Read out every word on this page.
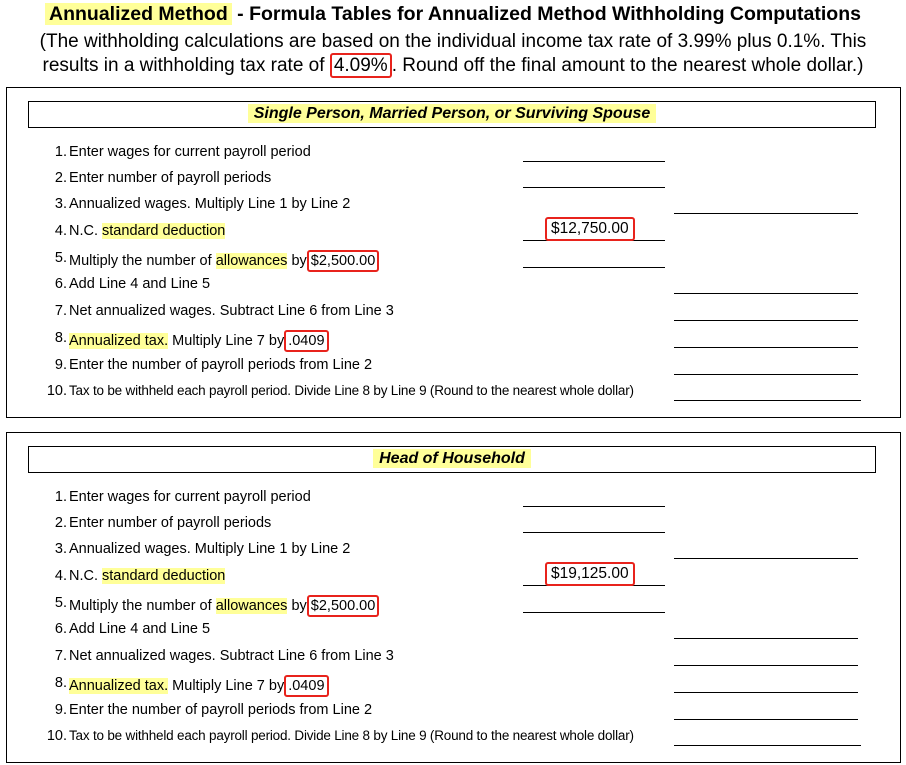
Annualized Method - Formula Tables for Annualized Method Withholding Computations
(The withholding calculations are based on the individual income tax rate of 3.99% plus 0.1%. This
results in a withholding tax rate of 4.09% . Round off the final amount to the nearest whole dollar.)
Single Person, Married Person, or Surviving Spouse
1. Enter wages for current payroll period
2. Enter number of payroll periods
3. Annualized wages. Multiply Line 1 by Line 2
4. N.C. standard deduction	$12,750.00
5. Multiply the number of allowances by $2,500.00
6. Add Line 4 and Line 5
7. Net annualized wages. Subtract Line 6 from Line 3
8. Annualized tax. Multiply Line 7 by .0409
9. Enter the number of payroll periods from Line 2
10. Tax to be withheld each payroll period. Divide Line 8 by Line 9 (Round to the nearest whole dollar)
Head of Household
1. Enter wages for current payroll period
2. Enter number of payroll periods
3. Annualized wages. Multiply Line 1 by Line 2
4. N.C. standard deduction	$19,125.00
5. Multiply the number of allowances by $2,500.00
6. Add Line 4 and Line 5
7. Net annualized wages. Subtract Line 6 from Line 3
8. Annualized tax. Multiply Line 7 by .0409
9. Enter the number of payroll periods from Line 2
10. Tax to be withheld each payroll period. Divide Line 8 by Line 9 (Round to the nearest whole dollar)
